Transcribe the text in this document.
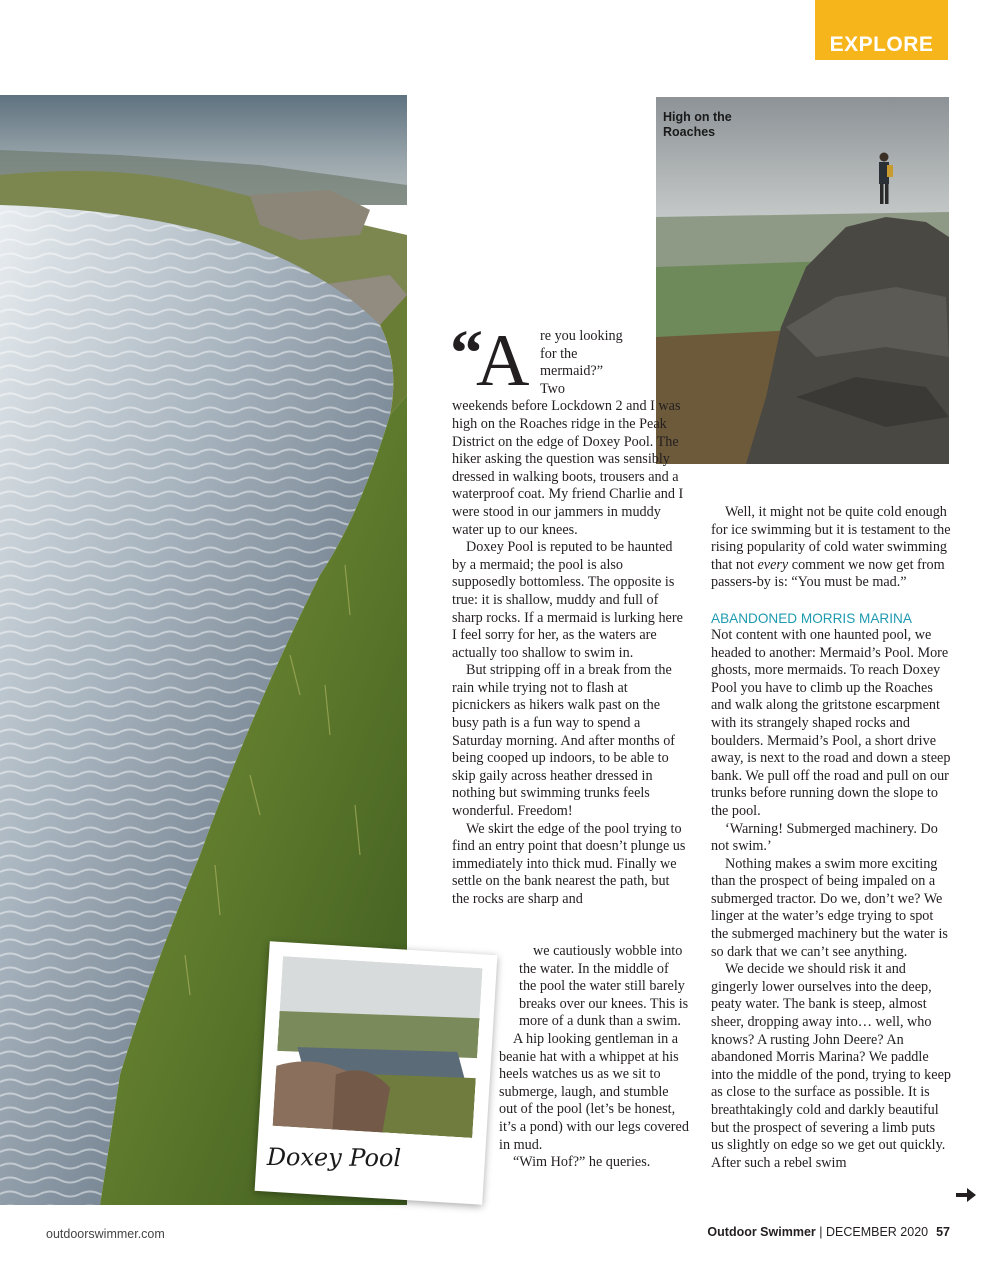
EXPLORE
High on the
Roaches
“
A re you looking for the mermaid?” Two

weekends before Lockdown 2 and I was high on the Roaches ridge in the Peak District on the edge of Doxey Pool. The hiker asking the question was sensibly dressed in walking boots, trousers and a waterproof coat. My friend Charlie and I were stood in our jammers in muddy water up to our knees.

Doxey Pool is reputed to be haunted by a mermaid; the pool is also supposedly bottomless. The opposite is true: it is shallow, muddy and full of sharp rocks. If a mermaid is lurking here I feel sorry for her, as the waters are actually too shallow to swim in.

But stripping off in a break from the rain while trying not to flash at picnickers as hikers walk past on the busy path is a fun way to spend a Saturday morning. And after months of being cooped up indoors, to be able to skip gaily across heather dressed in nothing but swimming trunks feels wonderful. Freedom!

We skirt the edge of the pool trying to find an entry point that doesn’t plunge us immediately into thick mud. Finally we settle on the bank nearest the path, but the rocks are sharp and

we cautiously wobble into the water. In the middle of the pool the water still barely breaks over our knees. This is more of a dunk than a swim.

A hip looking gentleman in a beanie hat with a whippet at his heels watches us as we sit to submerge, laugh, and stumble out of the pool (let’s be honest, it’s a pond) with our legs covered in mud.

“Wim Hof?” he queries.

Doxey Pool

Well, it might not be quite cold enough for ice swimming but it is testament to the rising popularity of cold water swimming that not every comment we now get from passers-by is: “You must be mad.”

ABANDONED MORRIS MARINA

Not content with one haunted pool, we headed to another: Mermaid’s Pool. More ghosts, more mermaids. To reach Doxey Pool you have to climb up the Roaches and walk along the gritstone escarpment with its strangely shaped rocks and boulders. Mermaid’s Pool, a short drive away, is next to the road and down a steep bank. We pull off the road and pull on our trunks before running down the slope to the pool.

‘Warning! Submerged machinery. Do not swim.’

Nothing makes a swim more exciting than the prospect of being impaled on a submerged tractor. Do we, don’t we? We linger at the water’s edge trying to spot the submerged machinery but the water is so dark that we can’t see anything.

We decide we should risk it and gingerly lower ourselves into the deep, peaty water. The bank is steep, almost sheer, dropping away into… well, who knows? A rusting John Deere? An abandoned Morris Marina? We paddle into the middle of the pond, trying to keep as close to the surface as possible. It is breathtakingly cold and darkly beautiful but the prospect of severing a limb puts us slightly on edge so we get out quickly. After such a rebel swim

outdoorswimmer.com	Outdoor Swimmer | DECEMBER 2020 57
